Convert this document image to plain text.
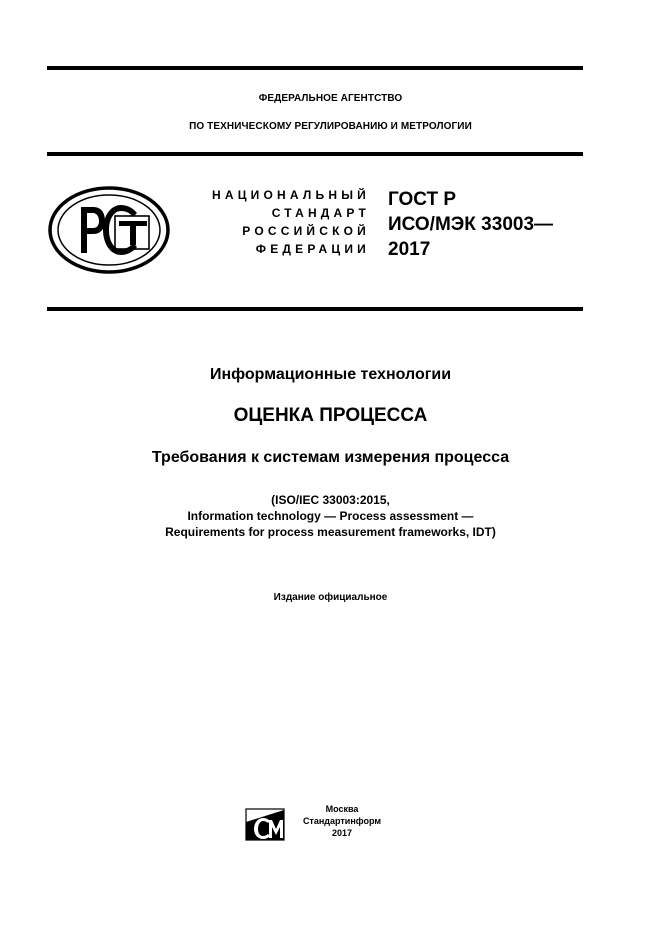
ФЕДЕРАЛЬНОЕ АГЕНТСТВО
ПО ТЕХНИЧЕСКОМУ РЕГУЛИРОВАНИЮ И МЕТРОЛОГИИ
НАЦИОНАЛЬНЫЙ
СТАНДАРТ
РОССИЙСКОЙ
ФЕДЕРАЦИИ
ГОСТ Р
ИСО/МЭК 33003—
2017
Информационные технологии
ОЦЕНКА ПРОЦЕССА
Требования к системам измерения процесса
(ISO/IEC 33003:2015,
Information technology — Process assessment —
Requirements for process measurement frameworks, IDT)
Издание официальное
Москва
Стандартинформ
2017
